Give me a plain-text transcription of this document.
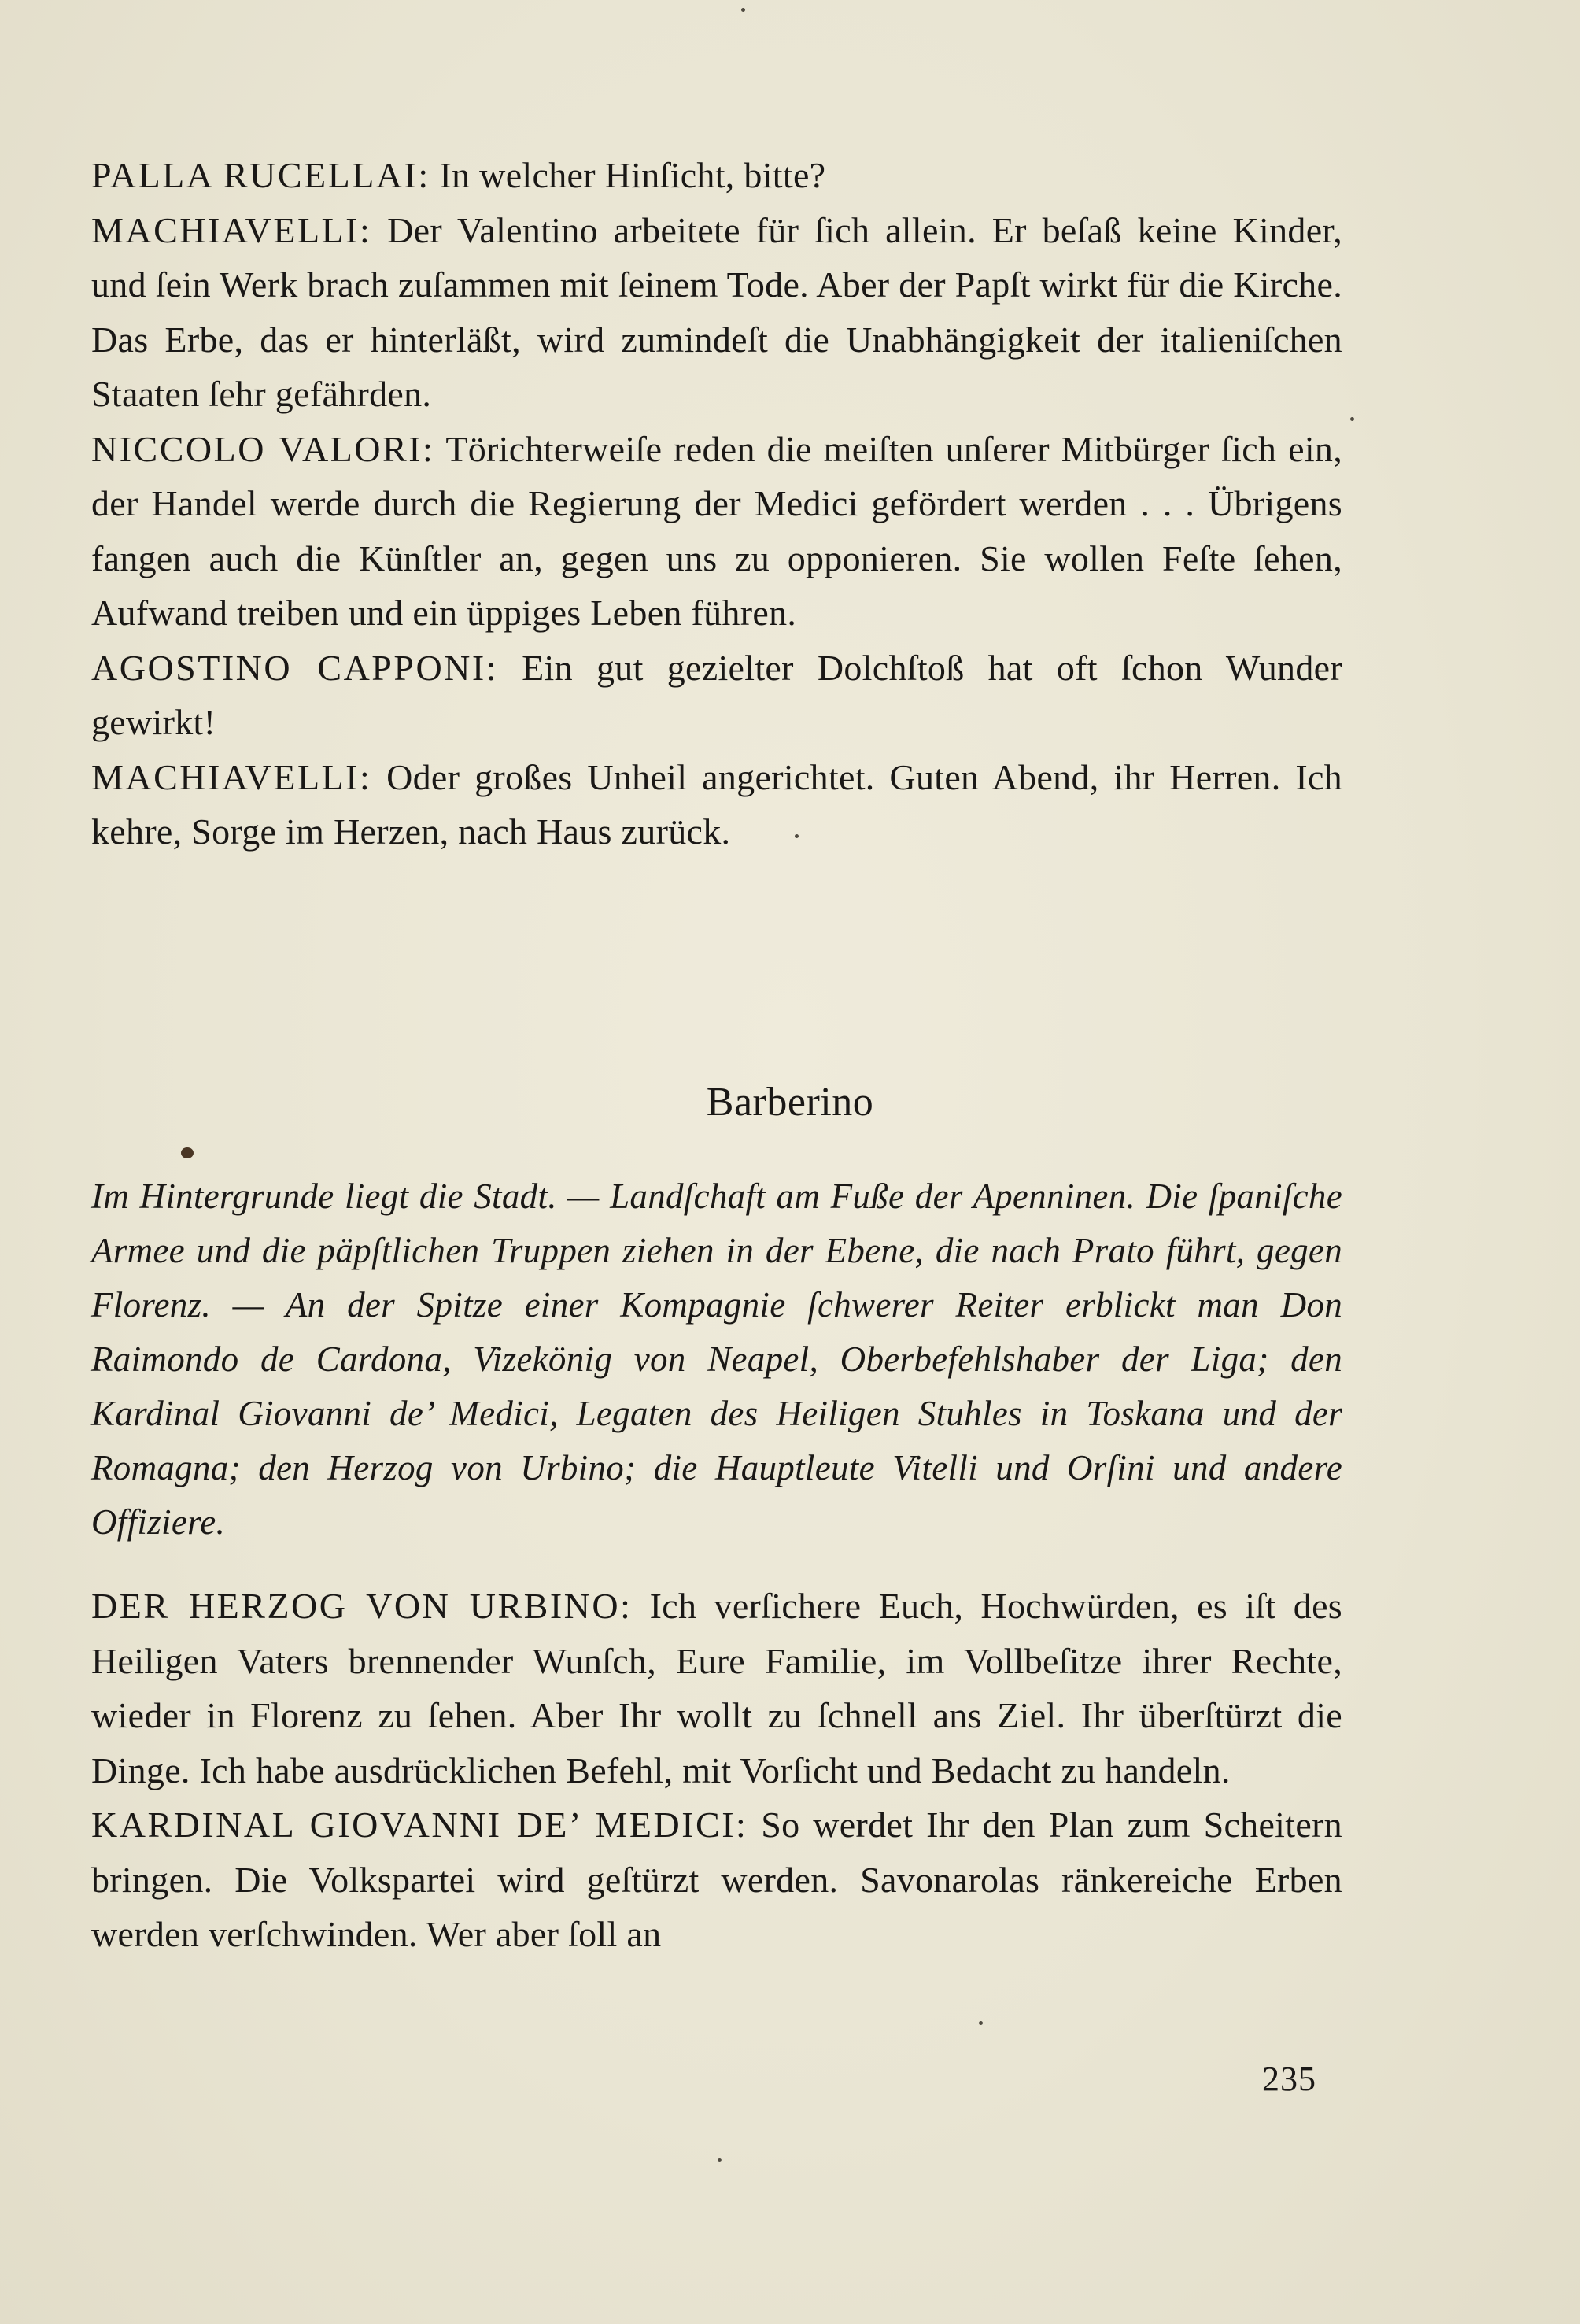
PALLA RUCELLAI: In welcher Hinſicht, bitte?

MACHIAVELLI: Der Valentino arbeitete für ſich allein. Er beſaß keine Kinder, und ſein Werk brach zuſammen mit ſeinem Tode. Aber der Papſt wirkt für die Kirche. Das Erbe, das er hinterläßt, wird zumindeſt die Unabhängigkeit der italieniſchen Staaten ſehr gefährden.

NICCOLO VALORI: Törichterweiſe reden die meiſten unſerer Mitbürger ſich ein, der Handel werde durch die Regierung der Medici gefördert werden . . . Übrigens fangen auch die Künſtler an, gegen uns zu opponieren. Sie wollen Feſte ſehen, Aufwand treiben und ein üppiges Leben führen.

AGOSTINO CAPPONI: Ein gut gezielter Dolchſtoß hat oft ſchon Wunder gewirkt!

MACHIAVELLI: Oder großes Unheil angerichtet. Guten Abend, ihr Herren. Ich kehre, Sorge im Herzen, nach Haus zurück.

Barberino

Im Hintergrunde liegt die Stadt. — Landſchaft am Fuße der Apenninen. Die ſpaniſche Armee und die päpſtlichen Truppen ziehen in der Ebene, die nach Prato führt, gegen Florenz. — An der Spitze einer Kompagnie ſchwerer Reiter erblickt man Don Raimondo de Cardona, Vizekönig von Neapel, Oberbefehlshaber der Liga; den Kardinal Giovanni de’ Medici, Legaten des Heiligen Stuhles in Toskana und der Romagna; den Herzog von Urbino; die Hauptleute Vitelli und Orſini und andere Offiziere.

DER HERZOG VON URBINO: Ich verſichere Euch, Hochwürden, es iſt des Heiligen Vaters brennender Wunſch, Eure Familie, im Vollbeſitze ihrer Rechte, wieder in Florenz zu ſehen. Aber Ihr wollt zu ſchnell ans Ziel. Ihr überſtürzt die Dinge. Ich habe ausdrücklichen Befehl, mit Vorſicht und Bedacht zu handeln.

KARDINAL GIOVANNI DE’ MEDICI: So werdet Ihr den Plan zum Scheitern bringen. Die Volkspartei wird geſtürzt werden. Savonarolas ränkereiche Erben werden verſchwinden. Wer aber ſoll an

235
